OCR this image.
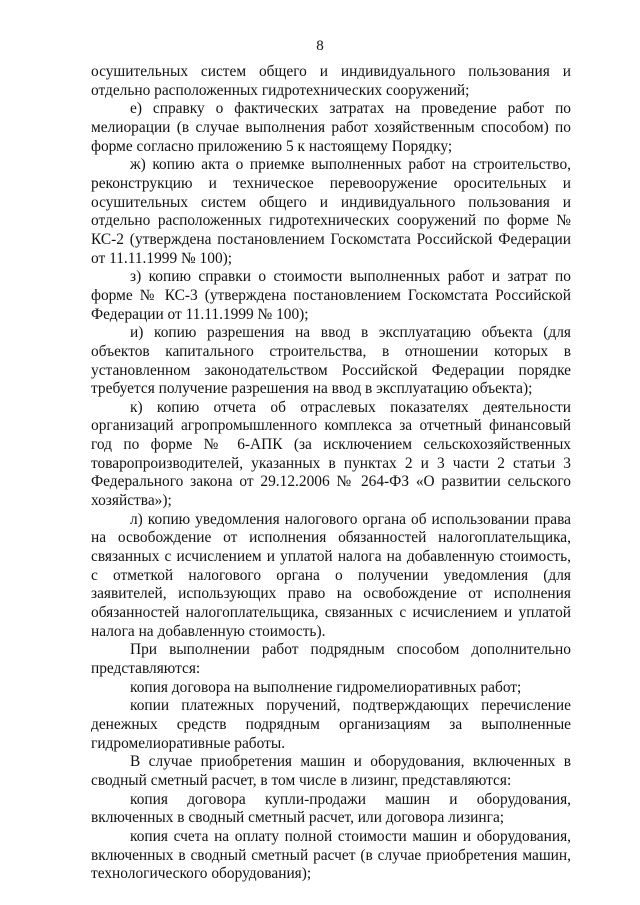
8

осушительных систем общего и индивидуального пользования и отдельно расположенных гидротехнических сооружений;

е) справку о фактических затратах на проведение работ по мелиорации (в случае выполнения работ хозяйственным способом) по форме согласно приложению 5 к настоящему Порядку;

ж) копию акта о приемке выполненных работ на строительство, реконструкцию и техническое перевооружение оросительных и осушительных систем общего и индивидуального пользования и отдельно расположенных гидротехнических сооружений по форме № КС-2 (утверждена постановлением Госкомстата Российской Федерации от 11.11.1999 № 100);

з) копию справки о стоимости выполненных работ и затрат по форме № КС-3 (утверждена постановлением Госкомстата Российской Федерации от 11.11.1999 № 100);

и) копию разрешения на ввод в эксплуатацию объекта (для объектов капитального строительства, в отношении которых в установленном законодательством Российской Федерации порядке требуется получение разрешения на ввод в эксплуатацию объекта);

к) копию отчета об отраслевых показателях деятельности организаций агропромышленного комплекса за отчетный финансовый год по форме № 6-АПК (за исключением сельскохозяйственных товаропроизводителей, указанных в пунктах 2 и 3 части 2 статьи 3 Федерального закона от 29.12.2006 № 264-ФЗ «О развитии сельского хозяйства»);

л) копию уведомления налогового органа об использовании права на освобождение от исполнения обязанностей налогоплательщика, связанных с исчислением и уплатой налога на добавленную стоимость, с отметкой налогового органа о получении уведомления (для заявителей, использующих право на освобождение от исполнения обязанностей налогоплательщика, связанных с исчислением и уплатой налога на добавленную стоимость).

При выполнении работ подрядным способом дополнительно представляются:

копия договора на выполнение гидромелиоративных работ;

копии платежных поручений, подтверждающих перечисление денежных средств подрядным организациям за выполненные гидромелиоративные работы.

В случае приобретения машин и оборудования, включенных в сводный сметный расчет, в том числе в лизинг, представляются:

копия договора купли-продажи машин и оборудования, включенных в сводный сметный расчет, или договора лизинга;

копия счета на оплату полной стоимости машин и оборудования, включенных в сводный сметный расчет (в случае приобретения машин, технологического оборудования);
